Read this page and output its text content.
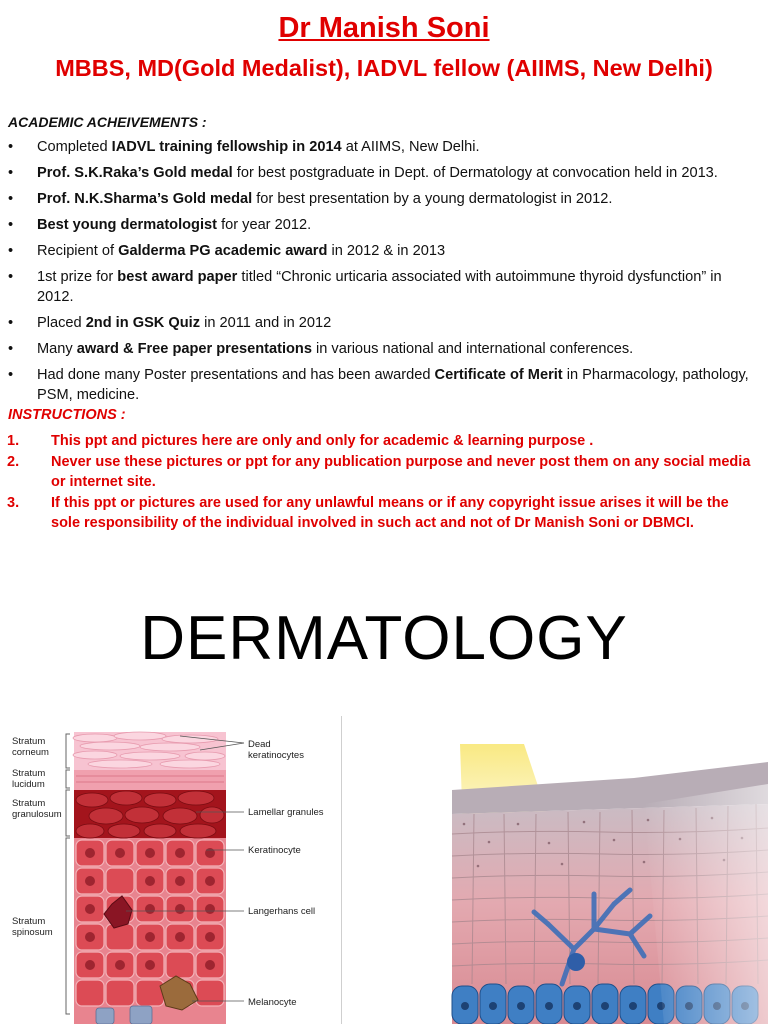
Dr Manish Soni
MBBS, MD(Gold Medalist), IADVL fellow (AIIMS, New Delhi)
ACADEMIC ACHEIVEMENTS :
• Completed IADVL training fellowship in 2014 at AIIMS, New Delhi.
• Prof. S.K.Raka’s Gold medal for best postgraduate in Dept. of Dermatology at convocation held in 2013.
• Prof. N.K.Sharma’s Gold medal for best presentation by a young dermatologist in 2012.
• Best young dermatologist for year 2012.
• Recipient of Galderma PG academic award in 2012 & in 2013
• 1st prize for best award paper titled “Chronic urticaria associated with autoimmune thyroid dysfunction” in 2012.
• Placed 2nd in GSK Quiz in 2011 and in 2012
• Many award & Free paper presentations in various national and international conferences.
• Had done many Poster presentations and has been awarded Certificate of Merit in Pharmacology, pathology, PSM, medicine.
INSTRUCTIONS :
1. This ppt and pictures here are only and only for academic & learning purpose .
2. Never use these pictures or ppt for any publication purpose and never post them on any social media or internet site.
3. If this ppt or pictures are used for any unlawful means or if any copyright issue arises it will be the sole responsibility of the individual involved in such act and not of Dr Manish Soni or DBMCI.
DERMATOLOGY
Stratum
corneum
Stratum
lucidum
Stratum
granulosum
Stratum
spinosum
Dead
keratinocytes
Lamellar granules
Keratinocyte
Langerhans cell
Melanocyte
